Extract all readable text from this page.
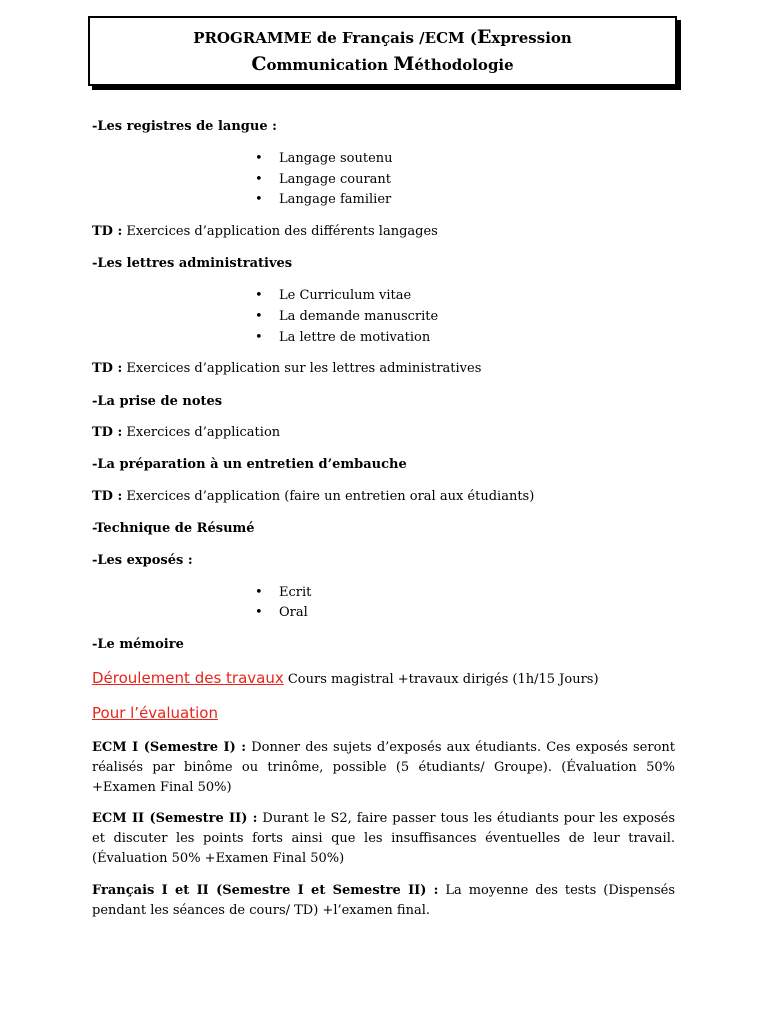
PROGRAMME de Français /ECM (Expression
Communication Méthodologie
-Les registres de langue :
• Langage soutenu
• Langage courant
• Langage familier
TD : Exercices d’application des différents langages
-Les lettres administratives
• Le Curriculum vitae
• La demande manuscrite
• La lettre de motivation
TD : Exercices d’application sur les lettres administratives
-La prise de notes
TD : Exercices d’application
-La préparation à un entretien d’embauche
TD : Exercices d’application (faire un entretien oral aux étudiants)
-Technique de Résumé
-Les exposés :
• Ecrit
• Oral
-Le mémoire
Déroulement des travaux Cours magistral +travaux dirigés (1h/15 Jours)
Pour l’évaluation
ECM I (Semestre I) : Donner des sujets d’exposés aux étudiants. Ces exposés seront réalisés par binôme ou trinôme, possible (5 étudiants/ Groupe). (Évaluation 50% +Examen Final 50%)
ECM II (Semestre II) : Durant le S2, faire passer tous les étudiants pour les exposés et discuter les points forts ainsi que les insuffisances éventuelles de leur travail. (Évaluation 50% +Examen Final 50%)
Français I et II (Semestre I et Semestre II) : La moyenne des tests (Dispensés pendant les séances de cours/ TD) +l’examen final.
